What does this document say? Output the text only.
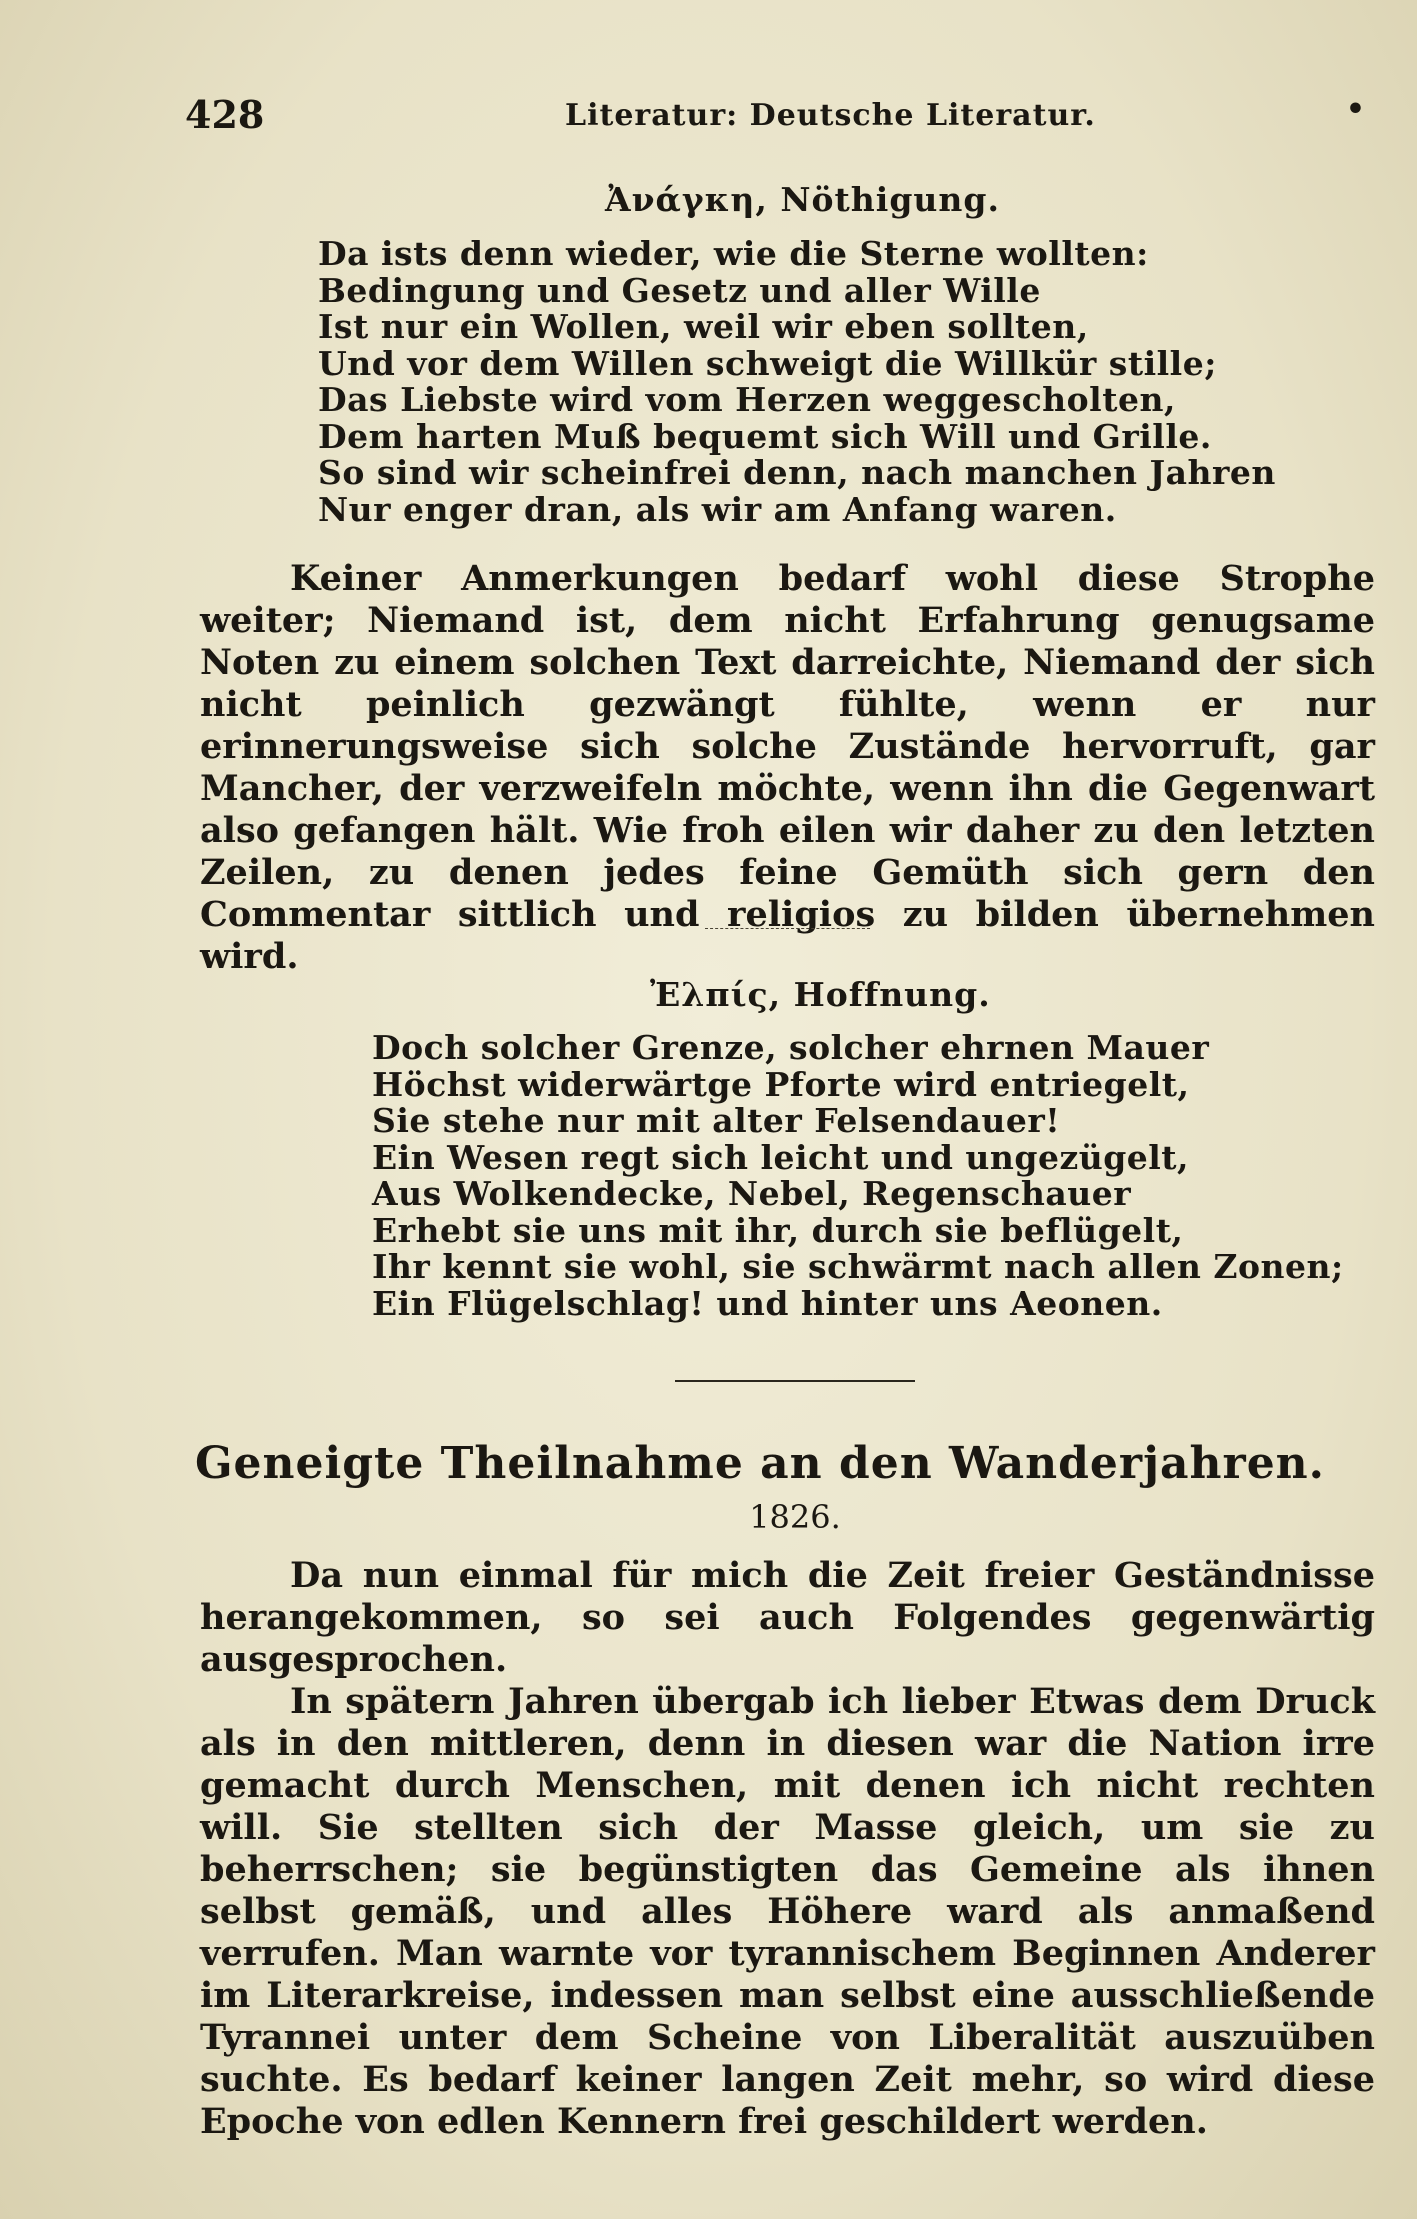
428	Literatur: Deutsche Literatur.	•
Ἀνάγκη, Nöthigung.
Da ists denn wieder, wie die Sterne wollten:
Bedingung und Gesetz und aller Wille
Ist nur ein Wollen, weil wir eben sollten,
Und vor dem Willen schweigt die Willkür stille;
Das Liebste wird vom Herzen weggescholten,
Dem harten Muß bequemt sich Will und Grille.
So sind wir scheinfrei denn, nach manchen Jahren
Nur enger dran, als wir am Anfang waren.

Keiner Anmerkungen bedarf wohl diese Strophe weiter; Niemand ist, dem nicht Erfahrung genugsame Noten zu einem solchen Text darreichte, Niemand der sich nicht peinlich gezwängt fühlte, wenn er nur erinnerungsweise sich solche Zustände hervorruft, gar Mancher, der verzweifeln möchte, wenn ihn die Gegenwart also gefangen hält. Wie froh eilen wir daher zu den letzten Zeilen, zu denen jedes feine Gemüth sich gern den Commentar sittlich und religios zu bilden übernehmen wird.

Ἐλπίς, Hoffnung.
Doch solcher Grenze, solcher ehrnen Mauer
Höchst widerwärtge Pforte wird entriegelt,
Sie stehe nur mit alter Felsendauer!
Ein Wesen regt sich leicht und ungezügelt,
Aus Wolkendecke, Nebel, Regenschauer
Erhebt sie uns mit ihr, durch sie beflügelt,
Ihr kennt sie wohl, sie schwärmt nach allen Zonen;
Ein Flügelschlag! und hinter uns Aeonen.
Geneigte Theilnahme an den Wanderjahren.
1826.

Da nun einmal für mich die Zeit freier Geständnisse herangekommen, so sei auch Folgendes gegenwärtig ausgesprochen.

In spätern Jahren übergab ich lieber Etwas dem Druck als in den mittleren, denn in diesen war die Nation irre gemacht durch Menschen, mit denen ich nicht rechten will. Sie stellten sich der Masse gleich, um sie zu beherrschen; sie begünstigten das Gemeine als ihnen selbst gemäß, und alles Höhere ward als anmaßend verrufen. Man warnte vor tyrannischem Beginnen Anderer im Literarkreise, indessen man selbst eine ausschließende Tyrannei unter dem Scheine von Liberalität auszuüben suchte. Es bedarf keiner langen Zeit mehr, so wird diese Epoche von edlen Kennern frei geschildert werden.
